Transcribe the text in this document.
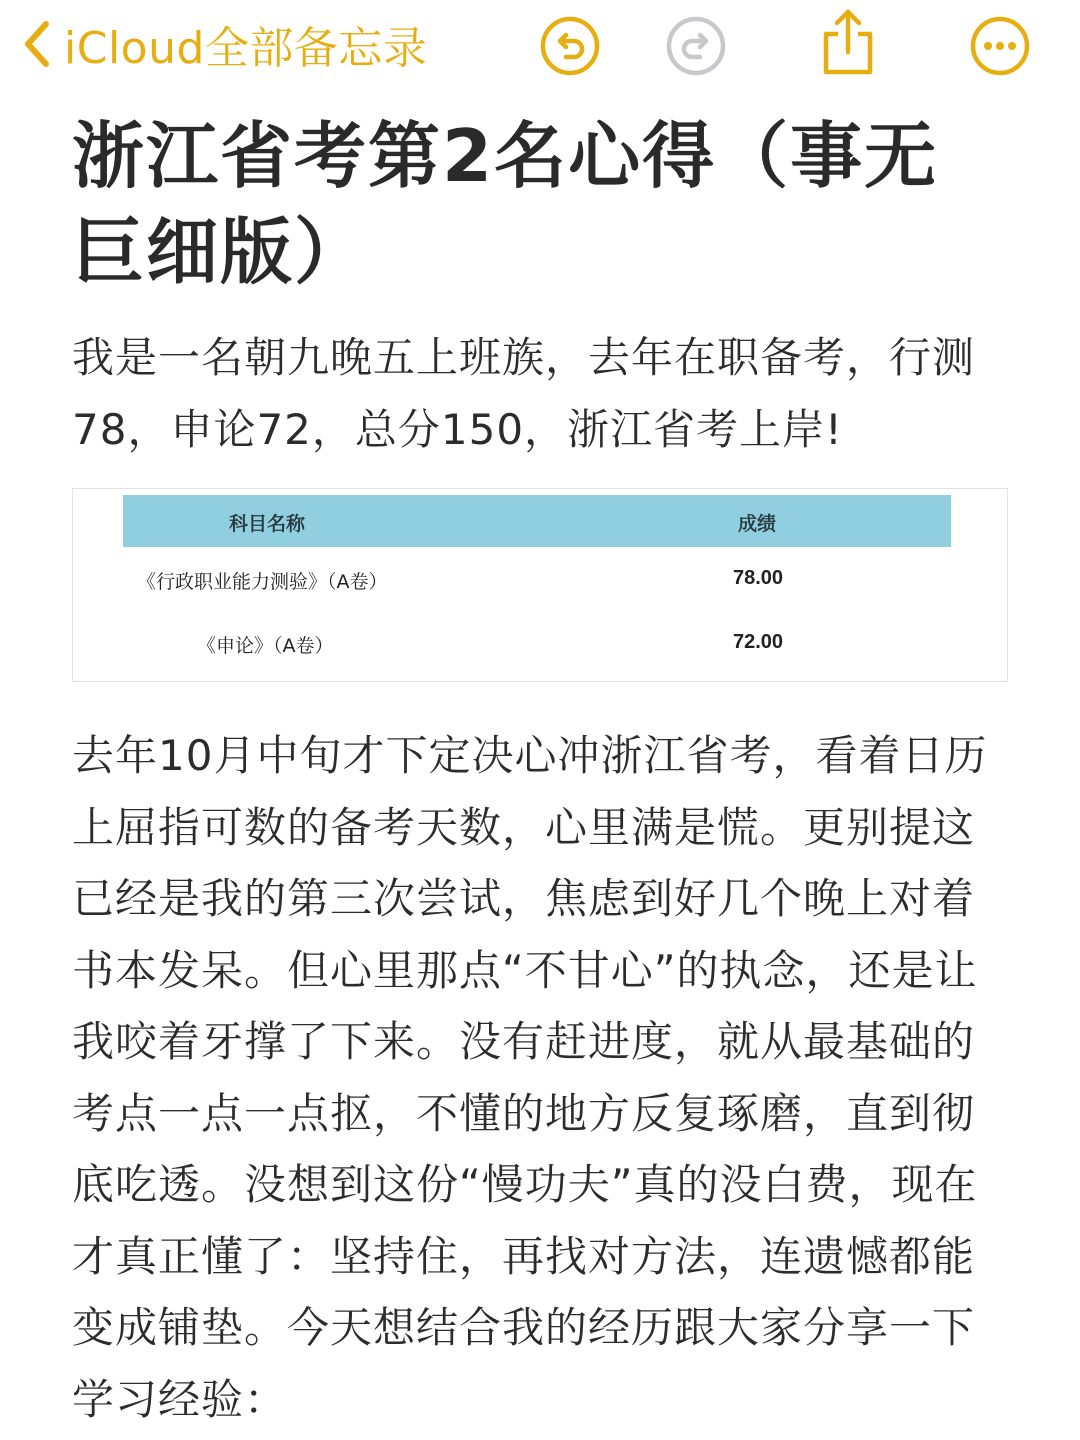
iCloud全部备忘录
浙江省考第2名心得（事无巨细版）

我是一名朝九晚五上班族，去年在职备考，行测78，申论72，总分150，浙江省考上岸!

科目名称	成绩
《行政职业能力测验》（A卷）	78.00
《申论》（A卷）	72.00

去年10月中旬才下定决心冲浙江省考，看着日历上屈指可数的备考天数，心里满是慌。更别提这已经是我的第三次尝试，焦虑到好几个晚上对着书本发呆。但心里那点“不甘心”的执念，还是让我咬着牙撑了下来。没有赶进度，就从最基础的考点一点一点抠，不懂的地方反复琢磨，直到彻底吃透。没想到这份“慢功夫”真的没白费，现在才真正懂了：坚持住，再找对方法，连遗憾都能变成铺垫。今天想结合我的经历跟大家分享一下学习经验：
